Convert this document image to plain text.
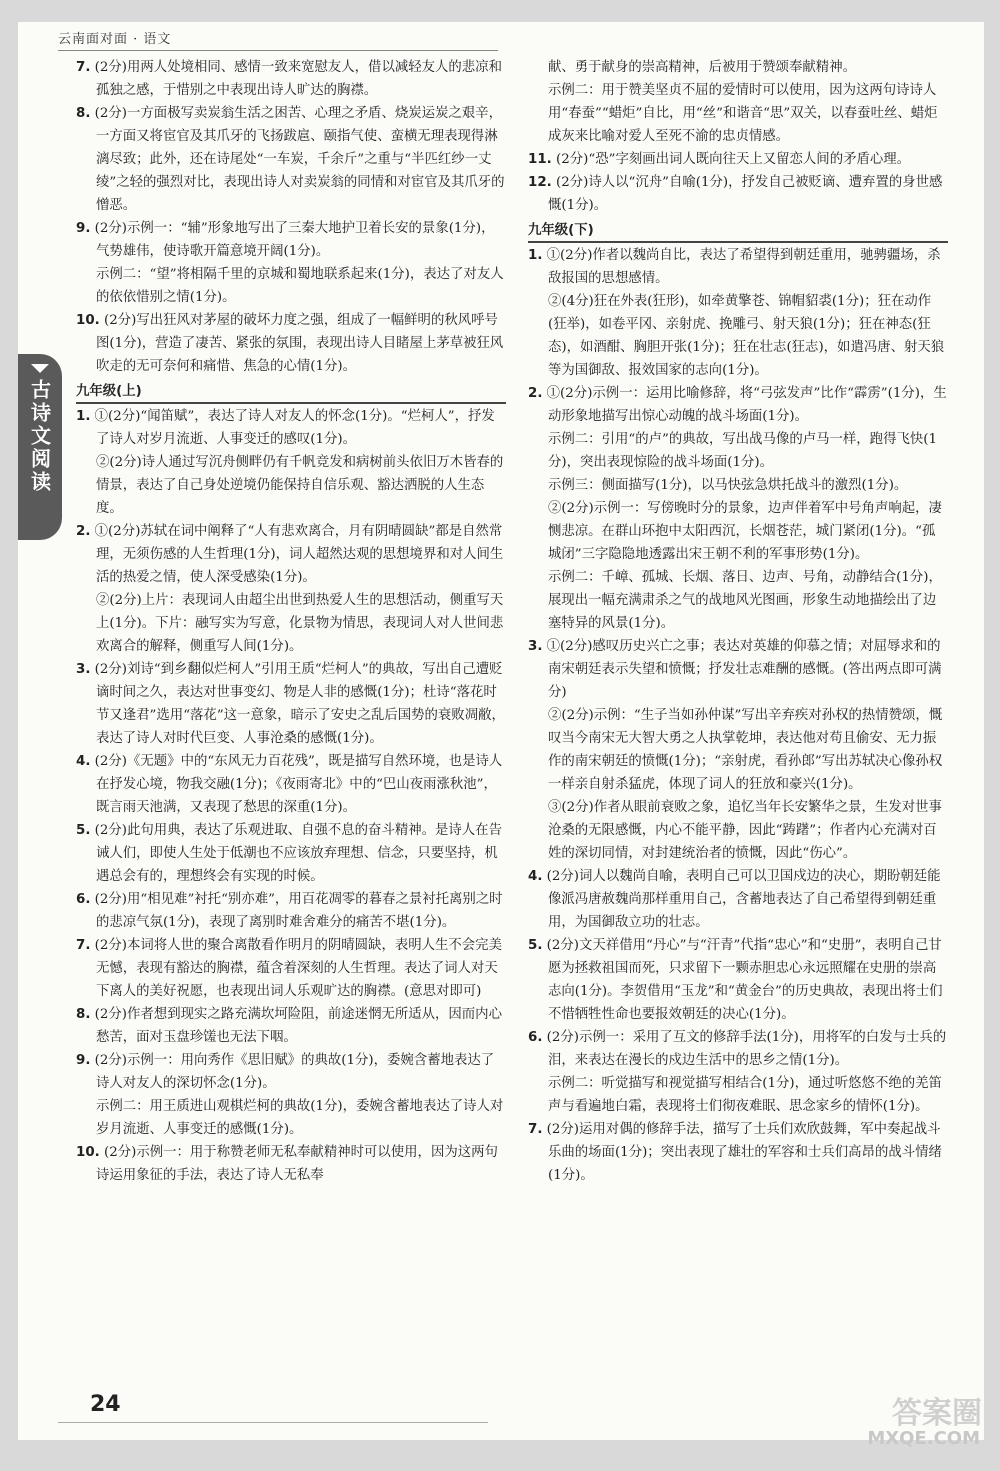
云南面对面 · 语文
古诗文阅读

7. (2分)用两人处境相同、感情一致来宽慰友人，借以减轻友人的悲凉和孤独之感，于惜别之中表现出诗人旷达的胸襟。

8. (2分)一方面极写卖炭翁生活之困苦、心理之矛盾、烧炭运炭之艰辛，一方面又将宦官及其爪牙的飞扬跋扈、颐指气使、蛮横无理表现得淋漓尽致；此外，还在诗尾处“一车炭，千余斤”之重与“半匹红纱一丈绫”之轻的强烈对比，表现出诗人对卖炭翁的同情和对宦官及其爪牙的憎恶。

9. (2分)示例一：“辅”形象地写出了三秦大地护卫着长安的景象(1分)，气势雄伟，使诗歌开篇意境开阔(1分)。

示例二：“望”将相隔千里的京城和蜀地联系起来(1分)，表达了对友人的依依惜别之情(1分)。

10. (2分)写出狂风对茅屋的破坏力度之强，组成了一幅鲜明的秋风呼号图(1分)，营造了凄苦、紧张的氛围，表现出诗人目睹屋上茅草被狂风吹走的无可奈何和痛惜、焦急的心情(1分)。

九年级(上)

1. ①(2分)“闻笛赋”，表达了诗人对友人的怀念(1分)。“烂柯人”，抒发了诗人对岁月流逝、人事变迁的感叹(1分)。

②(2分)诗人通过写沉舟侧畔仍有千帆竞发和病树前头依旧万木皆春的情景，表达了自己身处逆境仍能保持自信乐观、豁达洒脱的人生态度。

2. ①(2分)苏轼在词中阐释了“人有悲欢离合，月有阴晴圆缺”都是自然常理，无须伤感的人生哲理(1分)，词人超然达观的思想境界和对人间生活的热爱之情，使人深受感染(1分)。

②(2分)上片：表现词人由超尘出世到热爱人生的思想活动，侧重写天上(1分)。下片：融写实为写意，化景物为情思，表现词人对人世间悲欢离合的解释，侧重写人间(1分)。

3. (2分)刘诗“到乡翻似烂柯人”引用王质“烂柯人”的典故，写出自己遭贬谪时间之久，表达对世事变幻、物是人非的感慨(1分)；杜诗“落花时节又逢君”选用“落花”这一意象，暗示了安史之乱后国势的衰败凋敝，表达了诗人对时代巨变、人事沧桑的感慨(1分)。

4. (2分)《无题》中的“东风无力百花残”，既是描写自然环境，也是诗人在抒发心境，物我交融(1分)；《夜雨寄北》中的“巴山夜雨涨秋池”，既言雨天池满，又表现了愁思的深重(1分)。

5. (2分)此句用典，表达了乐观进取、自强不息的奋斗精神。是诗人在告诫人们，即使人生处于低潮也不应该放弃理想、信念，只要坚持，机遇总会有的，理想终会有实现的时候。

6. (2分)用“相见难”衬托“别亦难”，用百花凋零的暮春之景衬托离别之时的悲凉气氛(1分)，表现了离别时难舍难分的痛苦不堪(1分)。

7. (2分)本词将人世的聚合离散看作明月的阴晴圆缺，表明人生不会完美无憾，表现有豁达的胸襟，蕴含着深刻的人生哲理。表达了词人对天下离人的美好祝愿，也表现出词人乐观旷达的胸襟。(意思对即可)

8. (2分)作者想到现实之路充满坎坷险阻，前途迷惘无所适从，因而内心愁苦，面对玉盘珍馐也无法下咽。

9. (2分)示例一：用向秀作《思旧赋》的典故(1分)，委婉含蓄地表达了诗人对友人的深切怀念(1分)。

示例二：用王质进山观棋烂柯的典故(1分)，委婉含蓄地表达了诗人对岁月流逝、人事变迁的感慨(1分)。

10. (2分)示例一：用于称赞老师无私奉献精神时可以使用，因为这两句诗运用象征的手法，表达了诗人无私奉

献、勇于献身的崇高精神，后被用于赞颂奉献精神。

示例二：用于赞美坚贞不屈的爱情时可以使用，因为这两句诗诗人用“春蚕”“蜡炬”自比，用“丝”和谐音“思”双关，以春蚕吐丝、蜡炬成灰来比喻对爱人至死不渝的忠贞情感。

11. (2分)“恐”字刻画出词人既向往天上又留恋人间的矛盾心理。

12. (2分)诗人以“沉舟”自喻(1分)，抒发自己被贬谪、遭弃置的身世感慨(1分)。

九年级(下)

1. ①(2分)作者以魏尚自比，表达了希望得到朝廷重用，驰骋疆场，杀敌报国的思想感情。

②(4分)狂在外表(狂形)，如牵黄擎苍、锦帽貂裘(1分)；狂在动作(狂举)，如卷平冈、亲射虎、挽雕弓、射天狼(1分)；狂在神态(狂态)，如酒酣、胸胆开张(1分)；狂在壮志(狂志)，如遣冯唐、射天狼等为国御敌、报效国家的志向(1分)。

2. ①(2分)示例一：运用比喻修辞，将“弓弦发声”比作“霹雳”(1分)，生动形象地描写出惊心动魄的战斗场面(1分)。

示例二：引用“的卢”的典故，写出战马像的卢马一样，跑得飞快(1分)，突出表现惊险的战斗场面(1分)。

示例三：侧面描写(1分)，以马快弦急烘托战斗的激烈(1分)。

②(2分)示例一：写傍晚时分的景象，边声伴着军中号角声响起，凄恻悲凉。在群山环抱中太阳西沉，长烟苍茫，城门紧闭(1分)。“孤城闭”三字隐隐地透露出宋王朝不利的军事形势(1分)。

示例二：千嶂、孤城、长烟、落日、边声、号角，动静结合(1分)，展现出一幅充满肃杀之气的战地风光图画，形象生动地描绘出了边塞特异的风景(1分)。

3. ①(2分)感叹历史兴亡之事；表达对英雄的仰慕之情；对屈辱求和的南宋朝廷表示失望和愤慨；抒发壮志难酬的感慨。(答出两点即可满分)

②(2分)示例：“生子当如孙仲谋”写出辛弃疾对孙权的热情赞颂，慨叹当今南宋无大智大勇之人执掌乾坤，表达他对苟且偷安、无力振作的南宋朝廷的愤慨(1分)；“亲射虎，看孙郎”写出苏轼决心像孙权一样亲自射杀猛虎，体现了词人的狂放和豪兴(1分)。

③(2分)作者从眼前衰败之象，追忆当年长安繁华之景，生发对世事沧桑的无限感慨，内心不能平静，因此“踌躇”；作者内心充满对百姓的深切同情，对封建统治者的愤慨，因此“伤心”。

4. (2分)词人以魏尚自喻，表明自己可以卫国戍边的决心，期盼朝廷能像派冯唐赦魏尚那样重用自己，含蓄地表达了自己希望得到朝廷重用，为国御敌立功的壮志。

5. (2分)文天祥借用“丹心”与“汗青”代指“忠心”和“史册”，表明自己甘愿为拯救祖国而死，只求留下一颗赤胆忠心永远照耀在史册的崇高志向(1分)。李贺借用“玉龙”和“黄金台”的历史典故，表现出将士们不惜牺牲性命也要报效朝廷的决心(1分)。

6. (2分)示例一：采用了互文的修辞手法(1分)，用将军的白发与士兵的泪，来表达在漫长的戍边生活中的思乡之情(1分)。

示例二：听觉描写和视觉描写相结合(1分)，通过听悠悠不绝的羌笛声与看遍地白霜，表现将士们彻夜难眠、思念家乡的情怀(1分)。

7. (2分)运用对偶的修辞手法，描写了士兵们欢欣鼓舞，军中奏起战斗乐曲的场面(1分)；突出表现了雄壮的军容和士兵们高昂的战斗情绪(1分)。

24	答案圈
MXQE.COM
